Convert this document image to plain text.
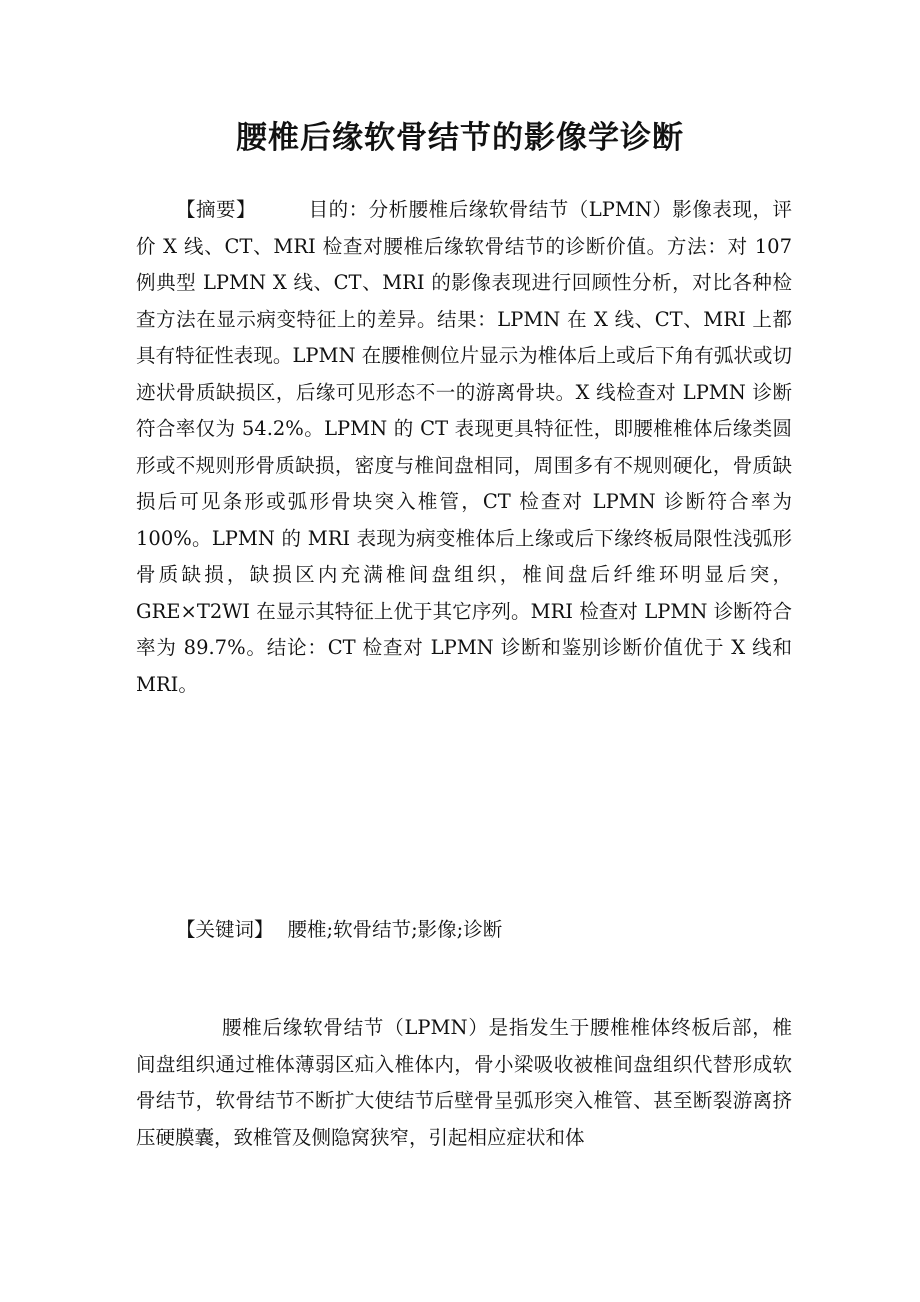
腰椎后缘软骨结节的影像学诊断

【摘要】	目的：分析腰椎后缘软骨结节（LPMN）影像表现，评价 X 线、CT、MRI 检查对腰椎后缘软骨结节的诊断价值。方法：对 107 例典型 LPMN X 线、CT、MRI 的影像表现进行回顾性分析，对比各种检查方法在显示病变特征上的差异。结果：LPMN 在 X 线、CT、MRI 上都具有特征性表现。LPMN 在腰椎侧位片显示为椎体后上或后下角有弧状或切迹状骨质缺损区，后缘可见形态不一的游离骨块。X 线检查对 LPMN 诊断符合率仅为 54.2%。LPMN 的 CT 表现更具特征性，即腰椎椎体后缘类圆形或不规则形骨质缺损，密度与椎间盘相同，周围多有不规则硬化，骨质缺损后可见条形或弧形骨块突入椎管，CT 检查对 LPMN 诊断符合率为 100%。LPMN 的 MRI 表现为病变椎体后上缘或后下缘终板局限性浅弧形骨质缺损，缺损区内充满椎间盘组织，椎间盘后纤维环明显后突，GRE×T2WI 在显示其特征上优于其它序列。MRI 检查对 LPMN 诊断符合率为 89.7%。结论：CT 检查对 LPMN 诊断和鉴别诊断价值优于 X 线和 MRI。

【关键词】 腰椎;软骨结节;影像;诊断

腰椎后缘软骨结节（LPMN）是指发生于腰椎椎体终板后部，椎间盘组织通过椎体薄弱区疝入椎体内，骨小梁吸收被椎间盘组织代替形成软骨结节，软骨结节不断扩大使结节后壁骨呈弧形突入椎管、甚至断裂游离挤压硬膜囊，致椎管及侧隐窝狭窄，引起相应症状和体
